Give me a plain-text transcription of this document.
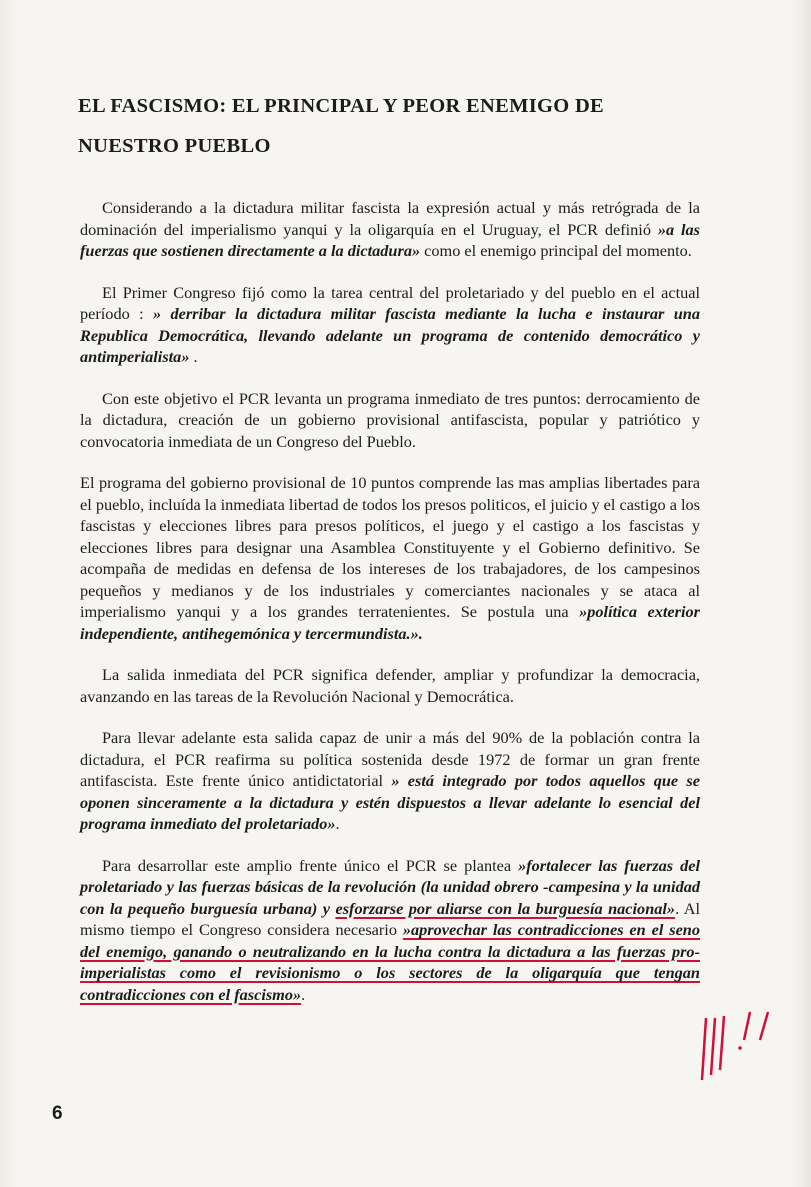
EL FASCISMO: EL PRINCIPAL Y PEOR ENEMIGO DE
NUESTRO PUEBLO

Considerando a la dictadura militar fascista la expresión actual y más retrógrada de la dominación del imperialismo yanqui y la oligarquía en el Uruguay, el PCR definió »a las fuerzas que sostienen directamente a la dictadura» como el enemigo principal del momento.

El Primer Congreso fijó como la tarea central del proletariado y del pueblo en el actual período : » derribar la dictadura militar fascista mediante la lucha e instaurar una Republica Democrática, llevando adelante un programa de contenido democrático y antimperialista» .

Con este objetivo el PCR levanta un programa inmediato de tres puntos: derrocamiento de la dictadura, creación de un gobierno provisional antifascista, popular y patriótico y convocatoria inmediata de un Congreso del Pueblo.

El programa del gobierno provisional de 10 puntos comprende las mas amplias libertades para el pueblo, incluída la inmediata libertad de todos los presos politicos, el juicio y el castigo a los fascistas y elecciones libres para presos políticos, el juego y el castigo a los fascistas y elecciones libres para designar una Asamblea Constituyente y el Gobierno definitivo. Se acompaña de medidas en defensa de los intereses de los trabajadores, de los campesinos pequeños y medianos y de los industriales y comerciantes nacionales y se ataca al imperialismo yanqui y a los grandes terratenientes. Se postula una »política exterior independiente, antihegemónica y tercermundista.».

La salida inmediata del PCR significa defender, ampliar y profundizar la democracia, avanzando en las tareas de la Revolución Nacional y Democrática.

Para llevar adelante esta salida capaz de unir a más del 90% de la población contra la dictadura, el PCR reafirma su política sostenida desde 1972 de formar un gran frente antifascista. Este frente único antidictatorial » está integrado por todos aquellos que se oponen sinceramente a la dictadura y estén dispuestos a llevar adelante lo esencial del programa inmediato del proletariado».

Para desarrollar este amplio frente único el PCR se plantea »fortalecer las fuerzas del proletariado y las fuerzas básicas de la revolución (la unidad obrero -campesina y la unidad con la pequeño burguesía urbana) y esforzarse por aliarse con la burguesía nacional». Al mismo tiempo el Congreso considera necesario »aprovechar las contradicciones en el seno del enemigo, ganando o neutralizando en la lucha contra la dictadura a las fuerzas pro-imperialistas como el revisionismo o los sectores de la oligarquía que tengan contradicciones con el fascismo».

6
